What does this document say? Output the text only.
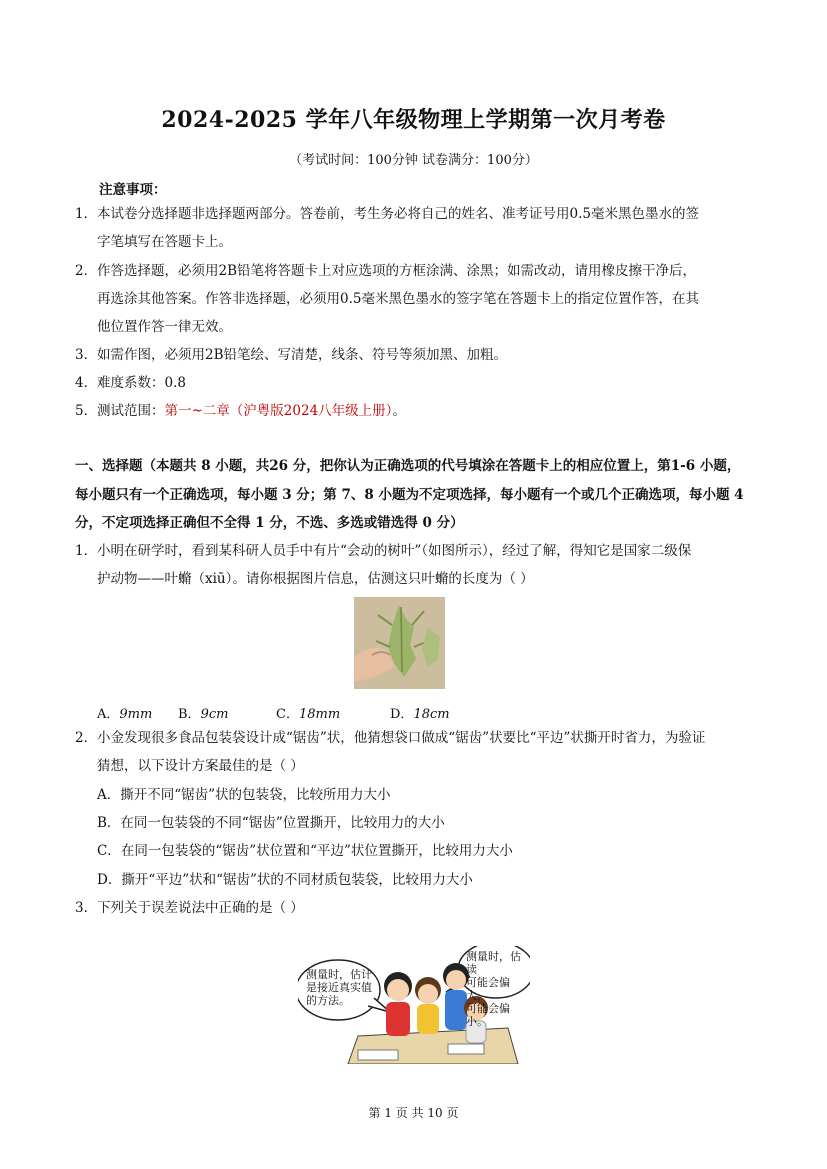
2024-2025 学年八年级物理上学期第一次月考卷
（考试时间：100分钟 试卷满分：100分）
注意事项：
1．本试卷分选择题非选择题两部分。答卷前，考生务必将自己的姓名、准考证号用0.5毫米黑色墨水的签
字笔填写在答题卡上。
2．作答选择题，必须用2B铅笔将答题卡上对应选项的方框涂满、涂黑；如需改动，请用橡皮擦干净后，
再选涂其他答案。作答非选择题，必须用0.5毫米黑色墨水的签字笔在答题卡上的指定位置作答，在其
他位置作答一律无效。
3．如需作图，必须用2B铅笔绘、写清楚，线条、符号等须加黑、加粗。
4．难度系数：0.8
5．测试范围：第一~二章（沪粤版2024八年级上册）。
一、选择题（本题共 8 小题，共26 分，把你认为正确选项的代号填涂在答题卡上的相应位置上，第1-6 小题，
每小题只有一个正确选项，每小题 3 分；第 7、8 小题为不定项选择，每小题有一个或几个正确选项，每小题 4
分，不定项选择正确但不全得 1 分，不选、多选或错选得 0 分）
1．小明在研学时，看到某科研人员手中有片“会动的树叶”（如图所示），经过了解，得知它是国家二级保
护动物——叶䗛（xiū）。请你根据图片信息，估测这只叶䗛的长度为（ ）
A．9mm B．9cm	C．18mm	D．18cm
2．小金发现很多食品包装袋设计成“锯齿”状，他猜想袋口做成“锯齿”状要比“平边”状撕开时省力，为验证
猜想，以下设计方案最佳的是（ ）
A．撕开不同“锯齿”状的包装袋，比较所用力大小
B．在同一包装袋的不同“锯齿”位置撕开，比较用力的大小
C．在同一包装袋的“锯齿”状位置和“平边”状位置撕开，比较用力大小
D．撕开“平边”状和“锯齿”状的不同材质包装袋，比较用力大小
3．下列关于误差说法中正确的是（ ）
测量时，估计
是接近真实值
的方法。
测量时，估读
可能会偏大，
可能会偏小。
第 1 页 共 10 页
